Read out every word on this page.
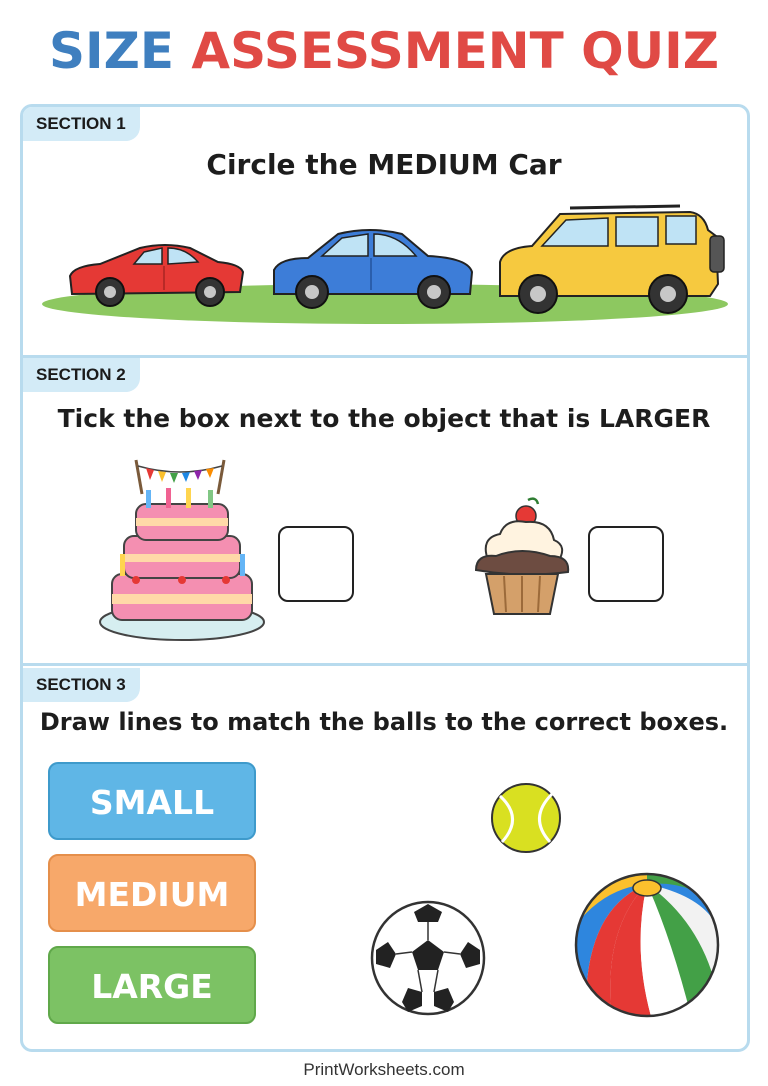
SIZE ASSESSMENT QUIZ
SECTION 1
Circle the MEDIUM Car
SECTION 2
Tick the box next to the object that is LARGER
SECTION 3
Draw lines to match the balls to the correct boxes.
SMALL
MEDIUM
LARGE
PrintWorksheets.com
